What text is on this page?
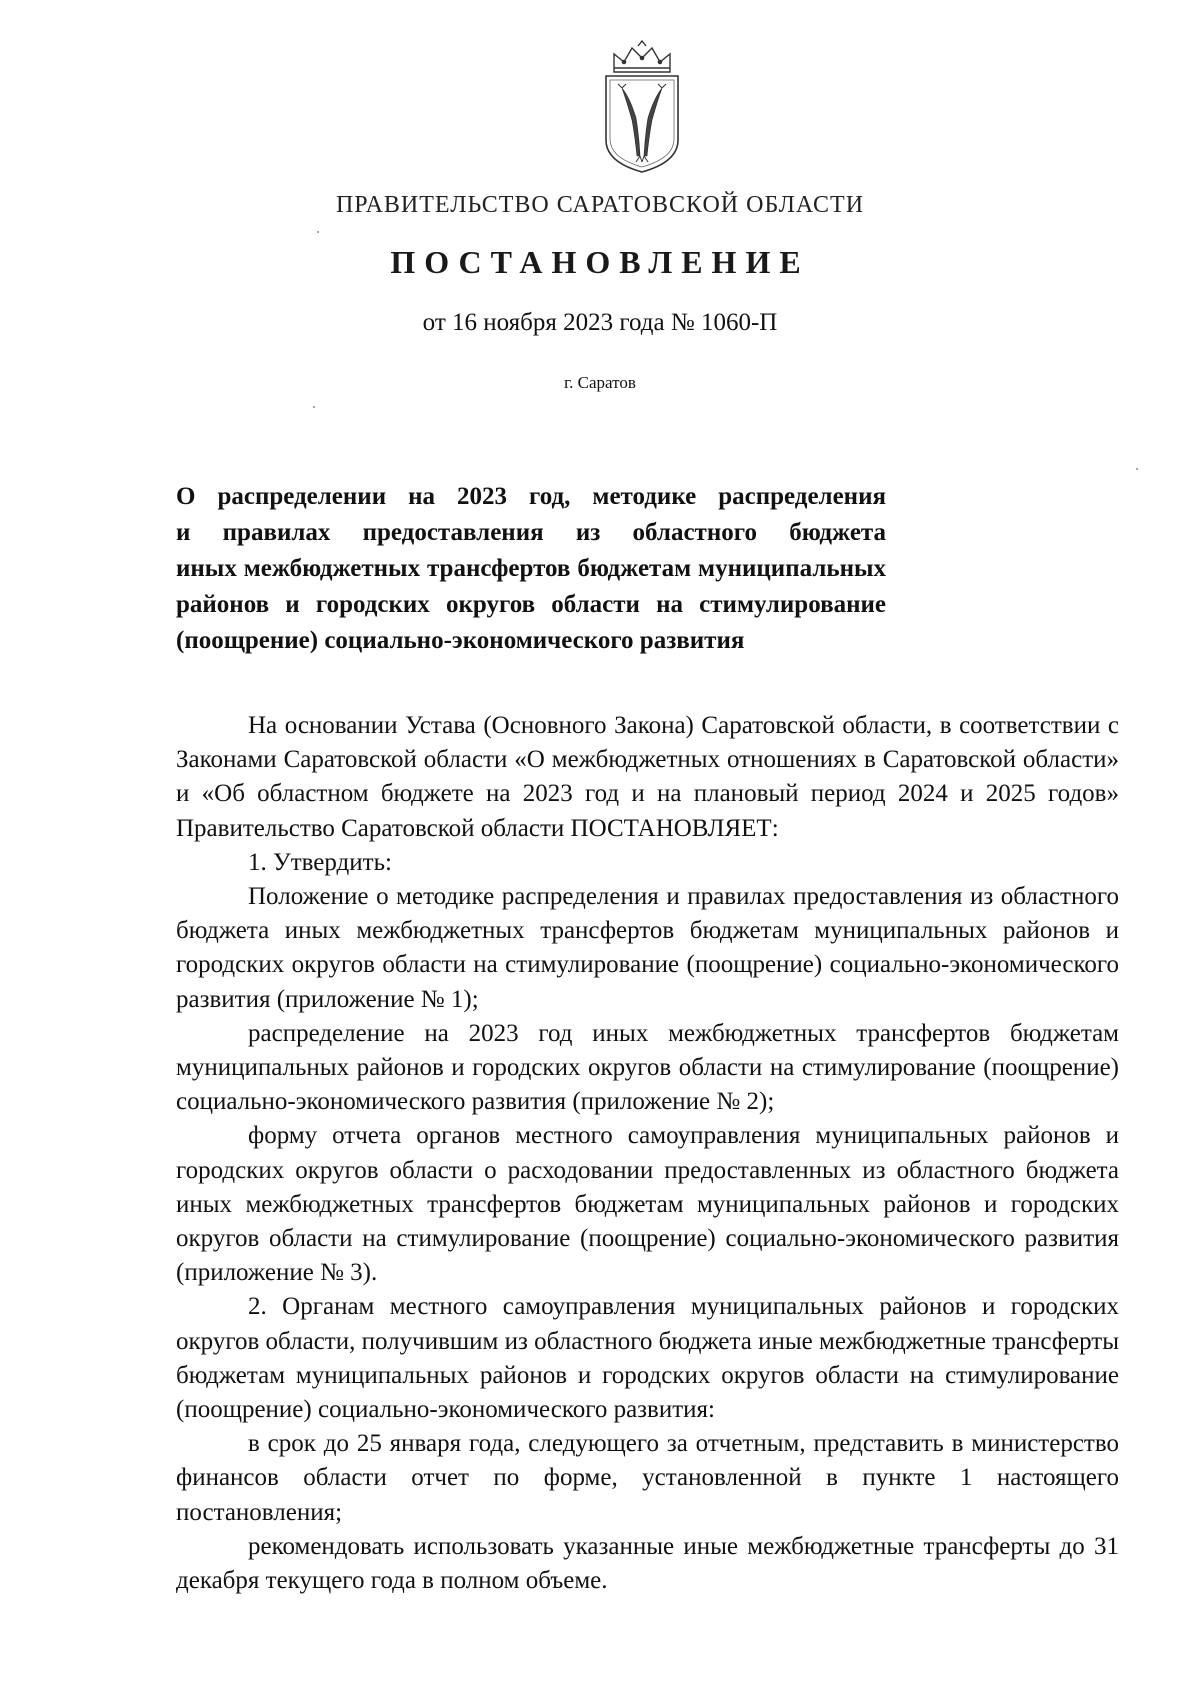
ПРАВИТЕЛЬСТВО САРАТОВСКОЙ ОБЛАСТИ
ПОСТАНОВЛЕНИЕ
от 16 ноября 2023 года № 1060-П
г. Саратов

О распределении на 2023 год, методике распределения
и правилах предоставления из областного бюджета
иных межбюджетных трансфертов бюджетам муниципальных
районов и городских округов области на стимулирование
(поощрение) социально-экономического развития

На основании Устава (Основного Закона) Саратовской области, в соответствии с Законами Саратовской области «О межбюджетных отношениях в Саратовской области» и «Об областном бюджете на 2023 год и на плановый период 2024 и 2025 годов» Правительство Саратовской области ПОСТАНОВЛЯЕТ:

1. Утвердить:

Положение о методике распределения и правилах предоставления из областного бюджета иных межбюджетных трансфертов бюджетам муниципальных районов и городских округов области на стимулирование (поощрение) социально-экономического развития (приложение № 1);

распределение на 2023 год иных межбюджетных трансфертов бюджетам муниципальных районов и городских округов области на стимулирование (поощрение) социально-экономического развития (приложение № 2);

форму отчета органов местного самоуправления муниципальных районов и городских округов области о расходовании предоставленных из областного бюджета иных межбюджетных трансфертов бюджетам муниципальных районов и городских округов области на стимулирование (поощрение) социально-экономического развития (приложение № 3).

2. Органам местного самоуправления муниципальных районов и городских округов области, получившим из областного бюджета иные межбюджетные трансферты бюджетам муниципальных районов и городских округов области на стимулирование (поощрение) социально-экономического развития:

в срок до 25 января года, следующего за отчетным, представить в министерство финансов области отчет по форме, установленной в пункте 1 настоящего постановления;

рекомендовать использовать указанные иные межбюджетные трансферты до 31 декабря текущего года в полном объеме.
